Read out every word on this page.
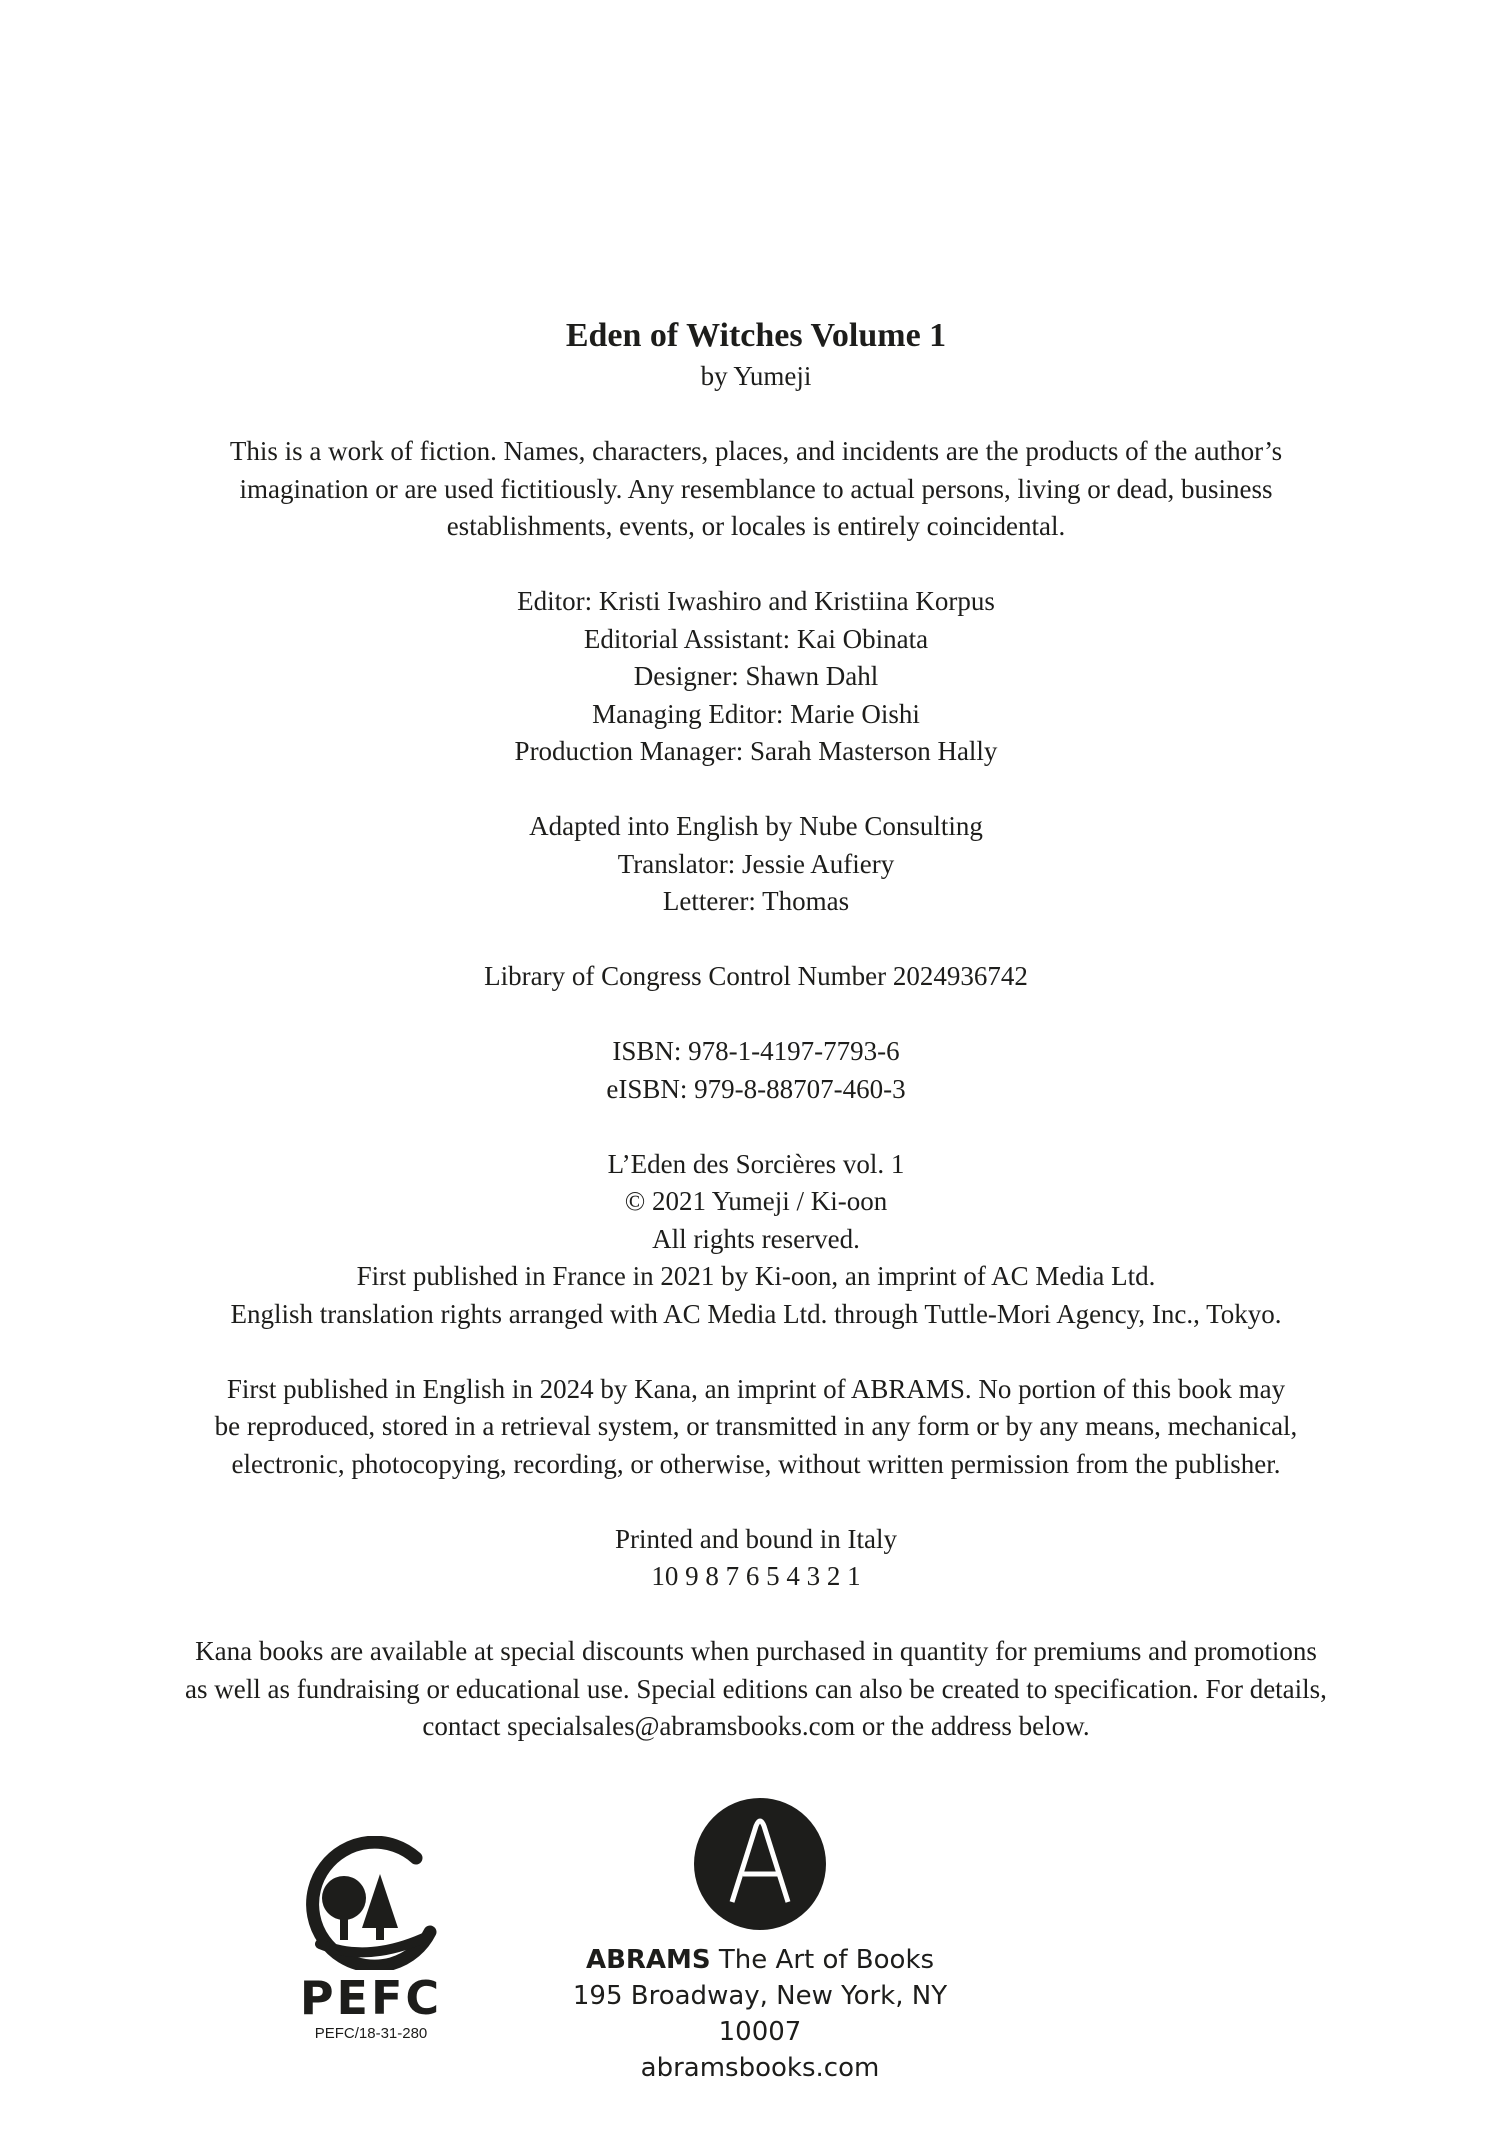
Eden of Witches Volume 1
by Yumeji
This is a work of fiction. Names, characters, places, and incidents are the products of the author’s
imagination or are used fictitiously. Any resemblance to actual persons, living or dead, business
establishments, events, or locales is entirely coincidental.
Editor: Kristi Iwashiro and Kristiina Korpus
Editorial Assistant: Kai Obinata
Designer: Shawn Dahl
Managing Editor: Marie Oishi
Production Manager: Sarah Masterson Hally
Adapted into English by Nube Consulting
Translator: Jessie Aufiery
Letterer: Thomas
Library of Congress Control Number 2024936742
ISBN: 978-1-4197-7793-6
eISBN: 979-8-88707-460-3
L’Eden des Sorcières vol. 1
© 2021 Yumeji / Ki-oon
All rights reserved.
First published in France in 2021 by Ki-oon, an imprint of AC Media Ltd.
English translation rights arranged with AC Media Ltd. through Tuttle-Mori Agency, Inc., Tokyo.
First published in English in 2024 by Kana, an imprint of ABRAMS. No portion of this book may
be reproduced, stored in a retrieval system, or transmitted in any form or by any means, mechanical,
electronic, photocopying, recording, or otherwise, without written permission from the publisher.
Printed and bound in Italy
10 9 8 7 6 5 4 3 2 1
Kana books are available at special discounts when purchased in quantity for premiums and promotions
as well as fundraising or educational use. Special editions can also be created to specification. For details,
contact specialsales@abramsbooks.com or the address below.
PEFC
PEFC/18-31-280
ABRAMS The Art of Books
195 Broadway, New York, NY 10007
abramsbooks.com
